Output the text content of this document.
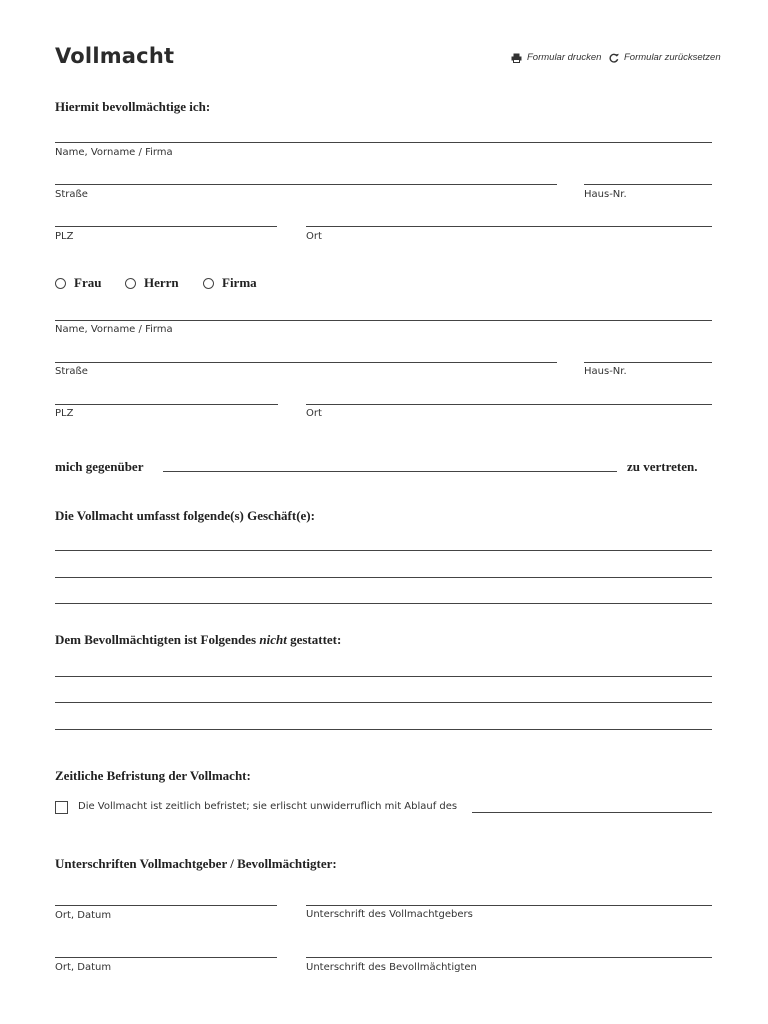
Vollmacht	Formular drucken Formular zurücksetzen
Hiermit bevollmächtige ich:
Name, Vorname / Firma
Straße	Haus-Nr.
PLZ	Ort
Frau	Herrn	Firma
Name, Vorname / Firma
Straße	Haus-Nr.
PLZ	Ort
mich gegenüber	zu vertreten.
Die Vollmacht umfasst folgende(s) Geschäft(e):
Dem Bevollmächtigten ist Folgendes nicht gestattet:
Zeitliche Befristung der Vollmacht:
Die Vollmacht ist zeitlich befristet; sie erlischt unwiderruflich mit Ablauf des
Unterschriften Vollmachtgeber / Bevollmächtigter:
Ort, Datum	Unterschrift des Vollmachtgebers
Ort, Datum	Unterschrift des Bevollmächtigten
